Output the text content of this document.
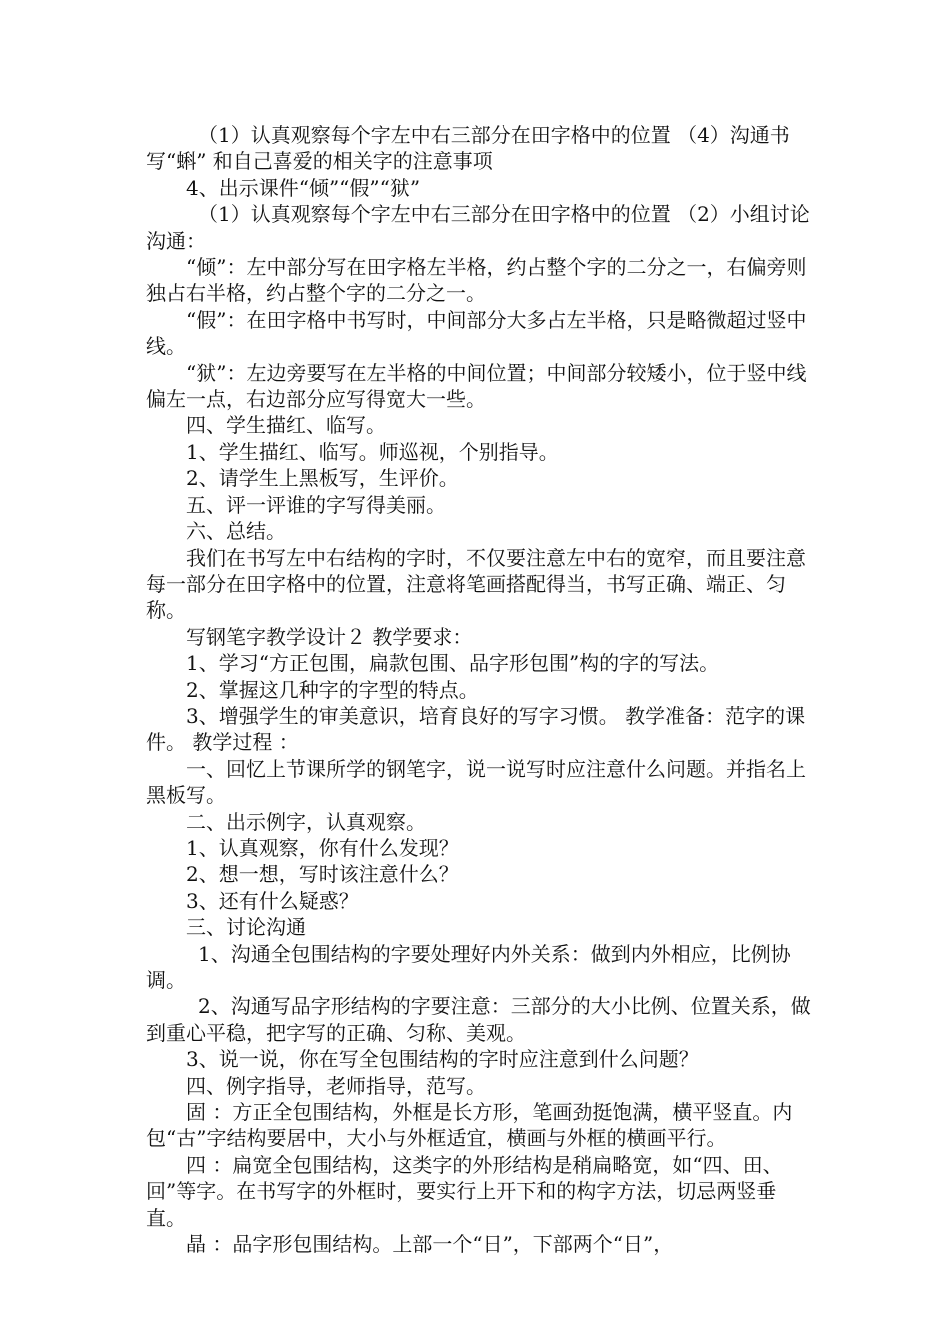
（1）认真观察每个字左中右三部分在田字格中的位置 （4）沟通书写“蝌” 和自己喜爱的相关字的注意事项

4、出示课件“倾”“假”“狱”

（1）认真观察每个字左中右三部分在田字格中的位置 （2）小组讨论沟通：

“倾”：左中部分写在田字格左半格，约占整个字的二分之一，右偏旁则独占右半格，约占整个字的二分之一。

“假”：在田字格中书写时，中间部分大多占左半格，只是略微超过竖中线。

“狱”：左边旁要写在左半格的中间位置；中间部分较矮小，位于竖中线偏左一点，右边部分应写得宽大一些。

四、学生描红、临写。

1、学生描红、临写。师巡视，个别指导。

2、请学生上黑板写，生评价。

五、评一评谁的字写得美丽。

六、总结。

我们在书写左中右结构的字时，不仅要注意左中右的宽窄，而且要注意每一部分在田字格中的位置，注意将笔画搭配得当，书写正确、端正、匀称。

写钢笔字教学设计２ 教学要求：

1、学习“方正包围，扁款包围、品字形包围”构的字的写法。

2、掌握这几种字的字型的特点。

3、增强学生的审美意识，培育良好的写字习惯。 教学准备：范字的课件。 教学过程 ：

一、回忆上节课所学的钢笔字，说一说写时应注意什么问题。并指名上黑板写。

二、出示例字，认真观察。

1、认真观察，你有什么发现？

2、想一想，写时该注意什么？

3、还有什么疑惑？

三、讨论沟通

1、沟通全包围结构的字要处理好内外关系：做到内外相应，比例协调。

2、沟通写品字形结构的字要注意：三部分的大小比例、位置关系，做到重心平稳，把字写的正确、匀称、美观。

3、说一说，你在写全包围结构的字时应注意到什么问题？

四、例字指导，老师指导，范写。

固 ：方正全包围结构，外框是长方形，笔画劲挺饱满，横平竖直。内包“古”字结构要居中，大小与外框适宜，横画与外框的横画平行。

四 ：扁宽全包围结构，这类字的外形结构是稍扁略宽，如“四、田、回”等字。在书写字的外框时，要实行上开下和的构字方法，切忌两竖垂直。

晶 ：品字形包围结构。上部一个“日”，下部两个“日”，
